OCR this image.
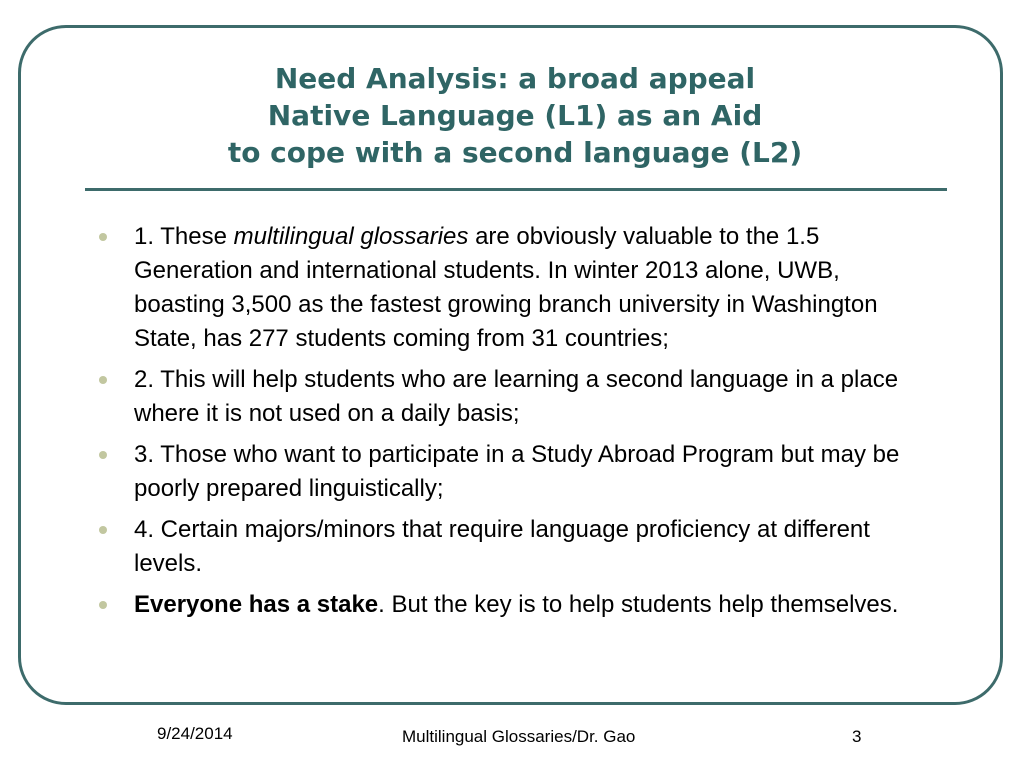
Need Analysis: a broad appeal
Native Language (L1) as an Aid
to cope with a second language (L2)
1. These multilingual glossaries are obviously valuable to the 1.5 Generation and international students. In winter 2013 alone, UWB, boasting 3,500 as the fastest growing branch university in Washington State, has 277 students coming from 31 countries;
2. This will help students who are learning a second language in a place where it is not used on a daily basis;
3. Those who want to participate in a Study Abroad Program but may be poorly prepared linguistically;
4. Certain majors/minors that require language proficiency at different levels.
Everyone has a stake. But the key is to help students help themselves.
9/24/2014	Multilingual Glossaries/Dr. Gao	3
